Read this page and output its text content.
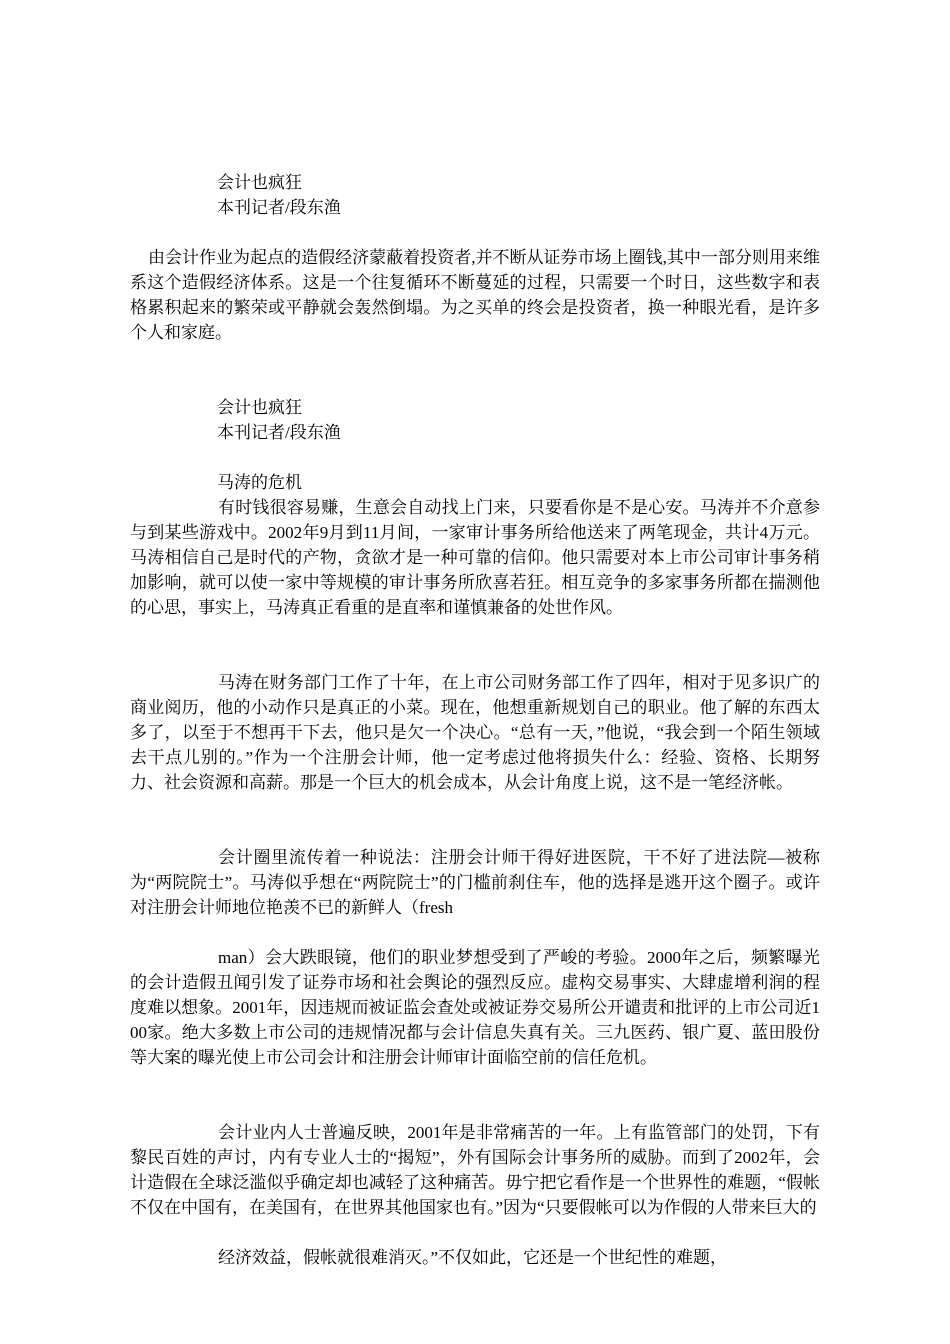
会计也疯狂
本刊记者/段东渔

由会计作业为起点的造假经济蒙蔽着投资者,并不断从证券市场上圈钱,其中一部分则用来维系这个造假经济体系。这是一个往复循环不断蔓延的过程，只需要一个时日，这些数字和表格累积起来的繁荣或平静就会轰然倒塌。为之买单的终会是投资者，换一种眼光看，是许多个人和家庭。

会计也疯狂
本刊记者/段东渔
马涛的危机

有时钱很容易赚，生意会自动找上门来，只要看你是不是心安。马涛并不介意参与到某些游戏中。2002年9月到11月间，一家审计事务所给他送来了两笔现金，共计4万元。马涛相信自己是时代的产物，贪欲才是一种可靠的信仰。他只需要对本上市公司审计事务稍加影响，就可以使一家中等规模的审计事务所欣喜若狂。相互竞争的多家事务所都在揣测他的心思，事实上，马涛真正看重的是直率和谨慎兼备的处世作风。

马涛在财务部门工作了十年，在上市公司财务部工作了四年，相对于见多识广的商业阅历，他的小动作只是真正的小菜。现在，他想重新规划自己的职业。他了解的东西太多了，以至于不想再干下去，他只是欠一个决心。“总有一天，”他说，“我会到一个陌生领域去干点儿别的。”作为一个注册会计师，他一定考虑过他将损失什么：经验、资格、长期努力、社会资源和高薪。那是一个巨大的机会成本，从会计角度上说，这不是一笔经济帐。

会计圈里流传着一种说法：注册会计师干得好进医院，干不好了进法院—被称为“两院院士”。马涛似乎想在“两院院士”的门槛前刹住车，他的选择是逃开这个圈子。或许对注册会计师地位艳羡不已的新鲜人（fresh

man）会大跌眼镜，他们的职业梦想受到了严峻的考验。2000年之后，频繁曝光的会计造假丑闻引发了证券市场和社会舆论的强烈反应。虚构交易事实、大肆虚增利润的程度难以想象。2001年，因违规而被证监会查处或被证券交易所公开谴责和批评的上市公司近100家。绝大多数上市公司的违规情况都与会计信息失真有关。三九医药、银广夏、蓝田股份等大案的曝光使上市公司会计和注册会计师审计面临空前的信任危机。

会计业内人士普遍反映，2001年是非常痛苦的一年。上有监管部门的处罚，下有黎民百姓的声讨，内有专业人士的“揭短”，外有国际会计事务所的威胁。而到了2002年，会计造假在全球泛滥似乎确定却也减轻了这种痛苦。毋宁把它看作是一个世界性的难题，“假帐不仅在中国有，在美国有，在世界其他国家也有。”因为“只要假帐可以为作假的人带来巨大的

经济效益，假帐就很难消灭。”不仅如此，它还是一个世纪性的难题，
